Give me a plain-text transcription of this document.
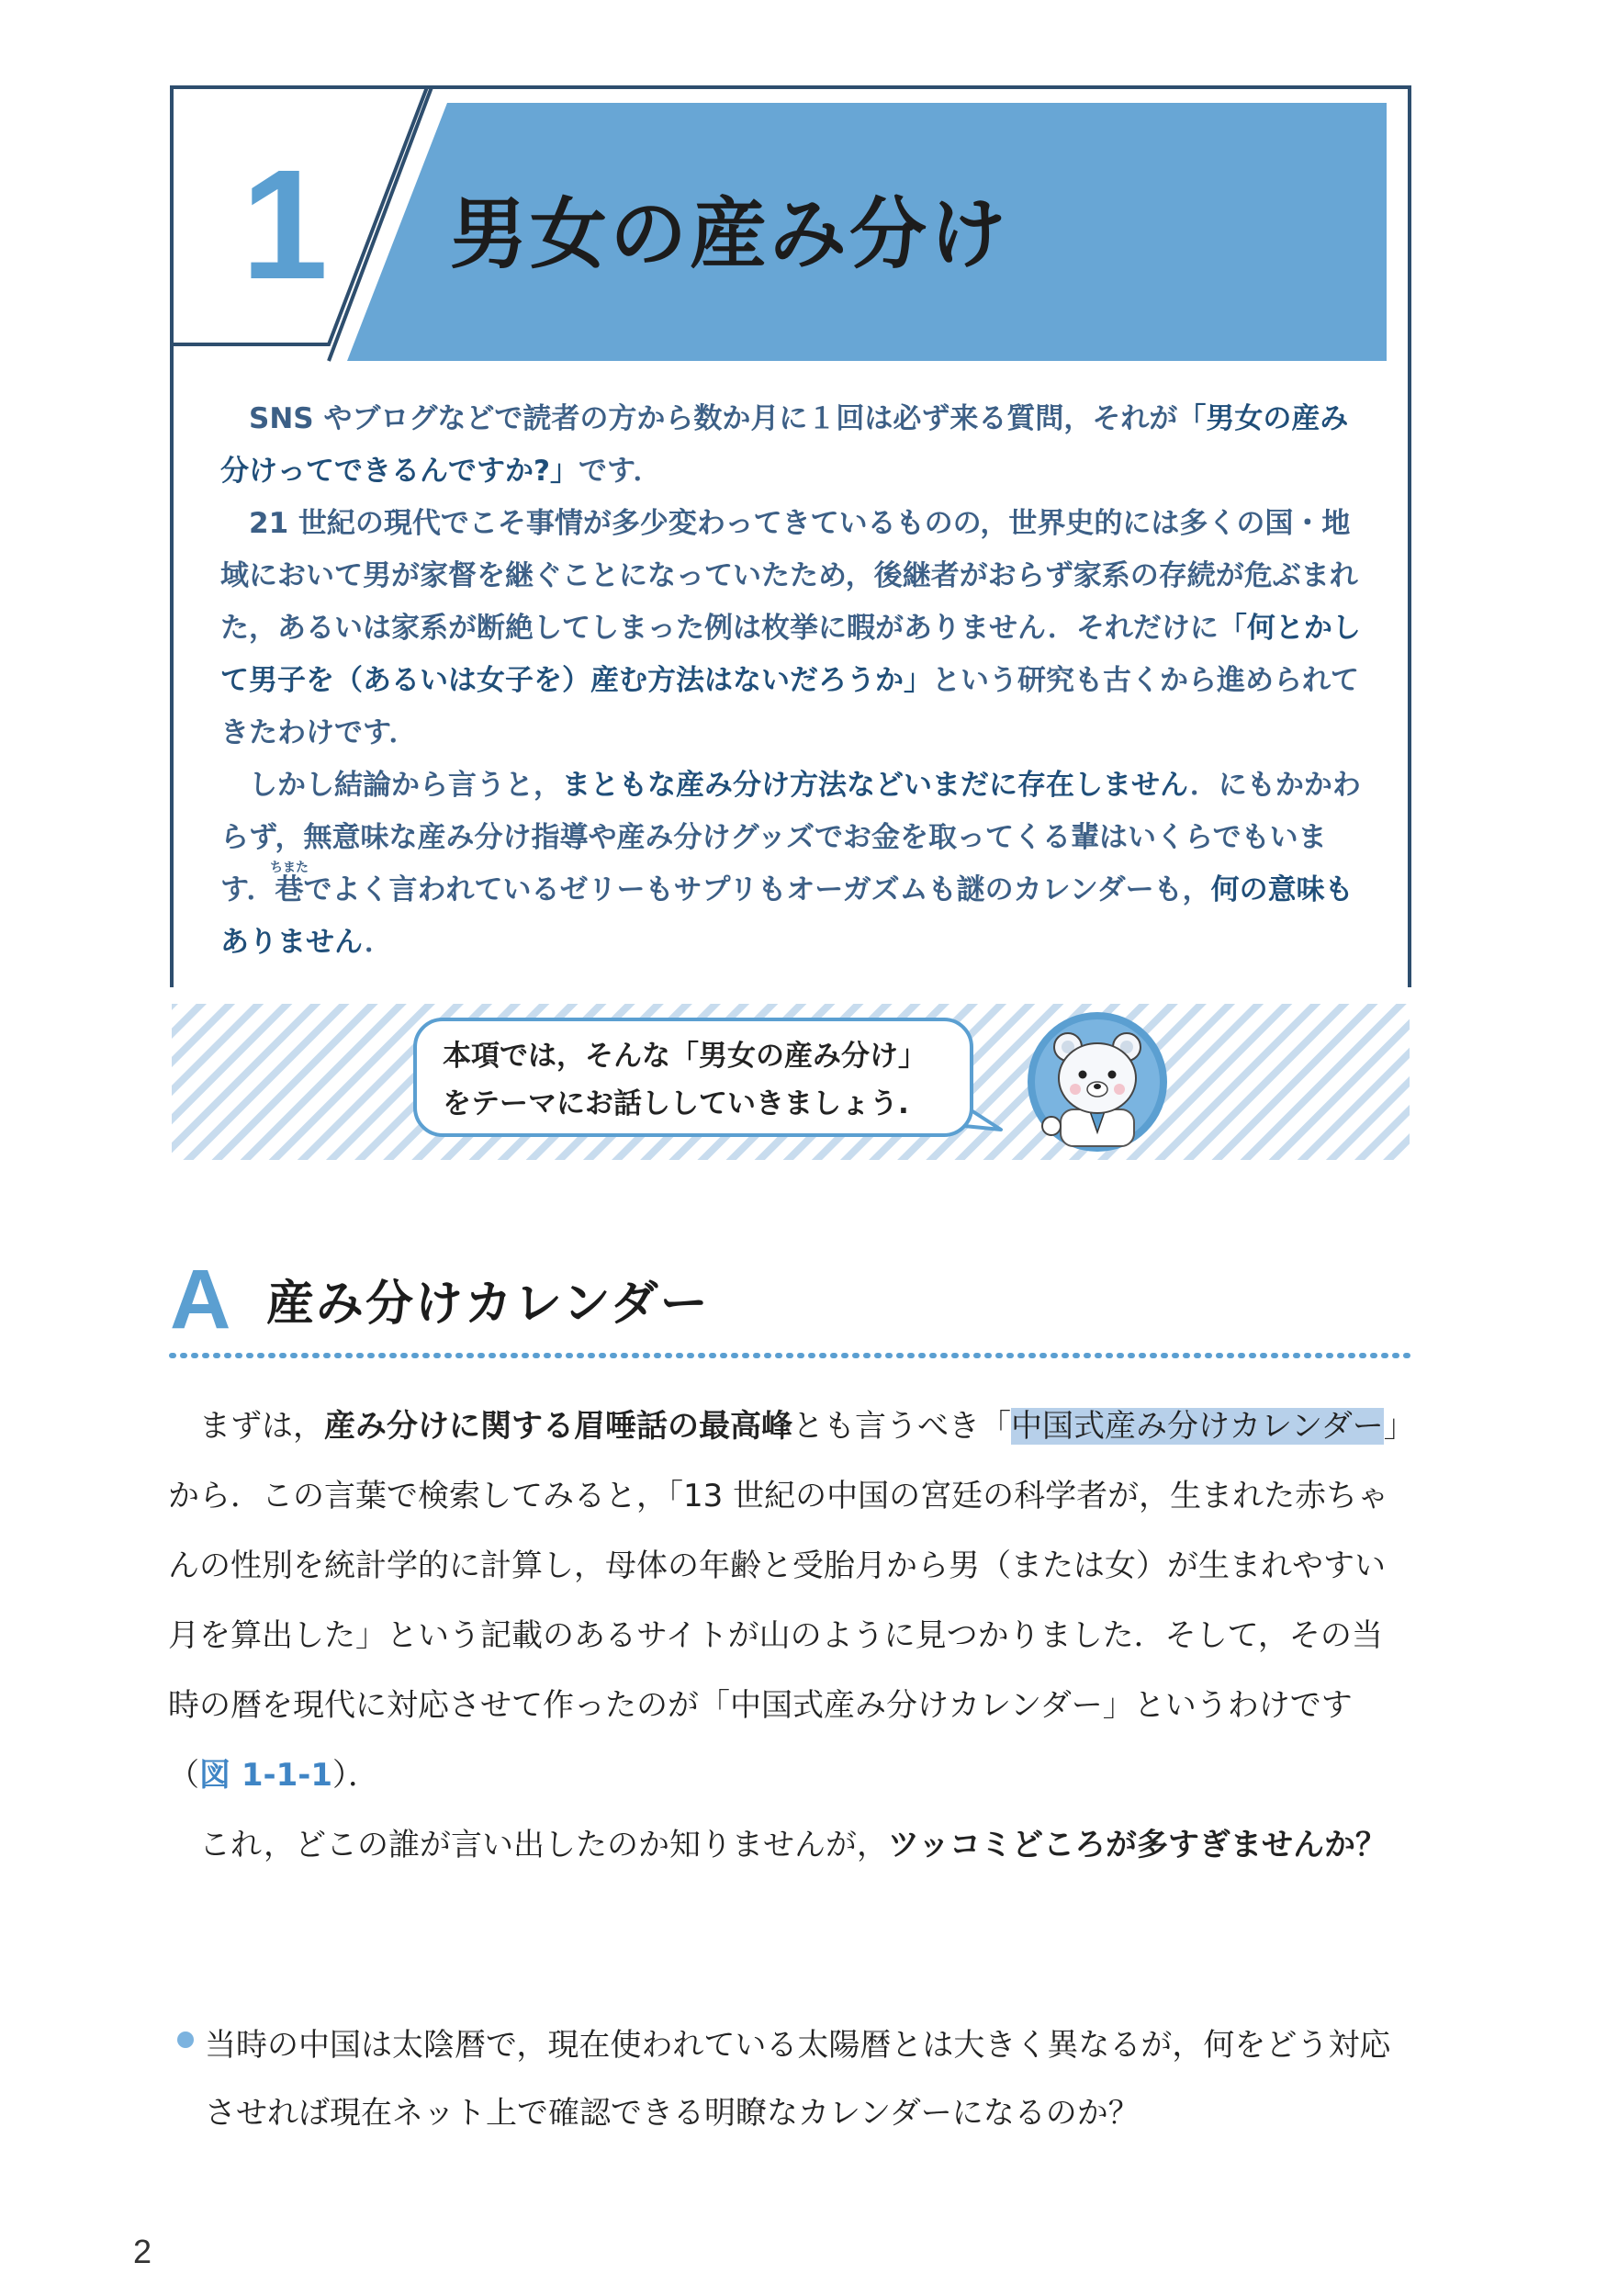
1 男女の産み分け

SNS やブログなどで読者の方から数か月に１回は必ず来る質問，それが「男女の産み分けってできるんですか?」です．

21 世紀の現代でこそ事情が多少変わってきているものの，世界史的には多くの国・地域において男が家督を継ぐことになっていたため，後継者がおらず家系の存続が危ぶまれた，あるいは家系が断絶してしまった例は枚挙に暇がありません．それだけに「何とかして男子を（あるいは女子を）産む方法はないだろうか」という研究も古くから進められてきたわけです．

しかし結論から言うと，まともな産み分け方法などいまだに存在しません．にもかかわらず，無意味な産み分け指導や産み分けグッズでお金を取ってくる輩はいくらでもいます．巷ちまたでよく言われているゼリーもサプリもオーガズムも謎のカレンダーも，何の意味もありません．

本項では，そんな「男女の産み分け」
をテーマにお話ししていきましょう.
A 産み分けカレンダー

まずは，産み分けに関する眉唾話の最高峰とも言うべき「中国式産み分けカレンダー」から．この言葉で検索してみると，「13 世紀の中国の宮廷の科学者が，生まれた赤ちゃんの性別を統計学的に計算し，母体の年齢と受胎月から男（または女）が生まれやすい月を算出した」という記載のあるサイトが山のように見つかりました．そして，その当時の暦を現代に対応させて作ったのが「中国式産み分けカレンダー」というわけです（図 1-1-1）．

これ，どこの誰が言い出したのか知りませんが，ツッコミどころが多すぎませんか？

当時の中国は太陰暦で，現在使われている太陽暦とは大きく異なるが，何をどう対応させれば現在ネット上で確認できる明瞭なカレンダーになるのか？
2
